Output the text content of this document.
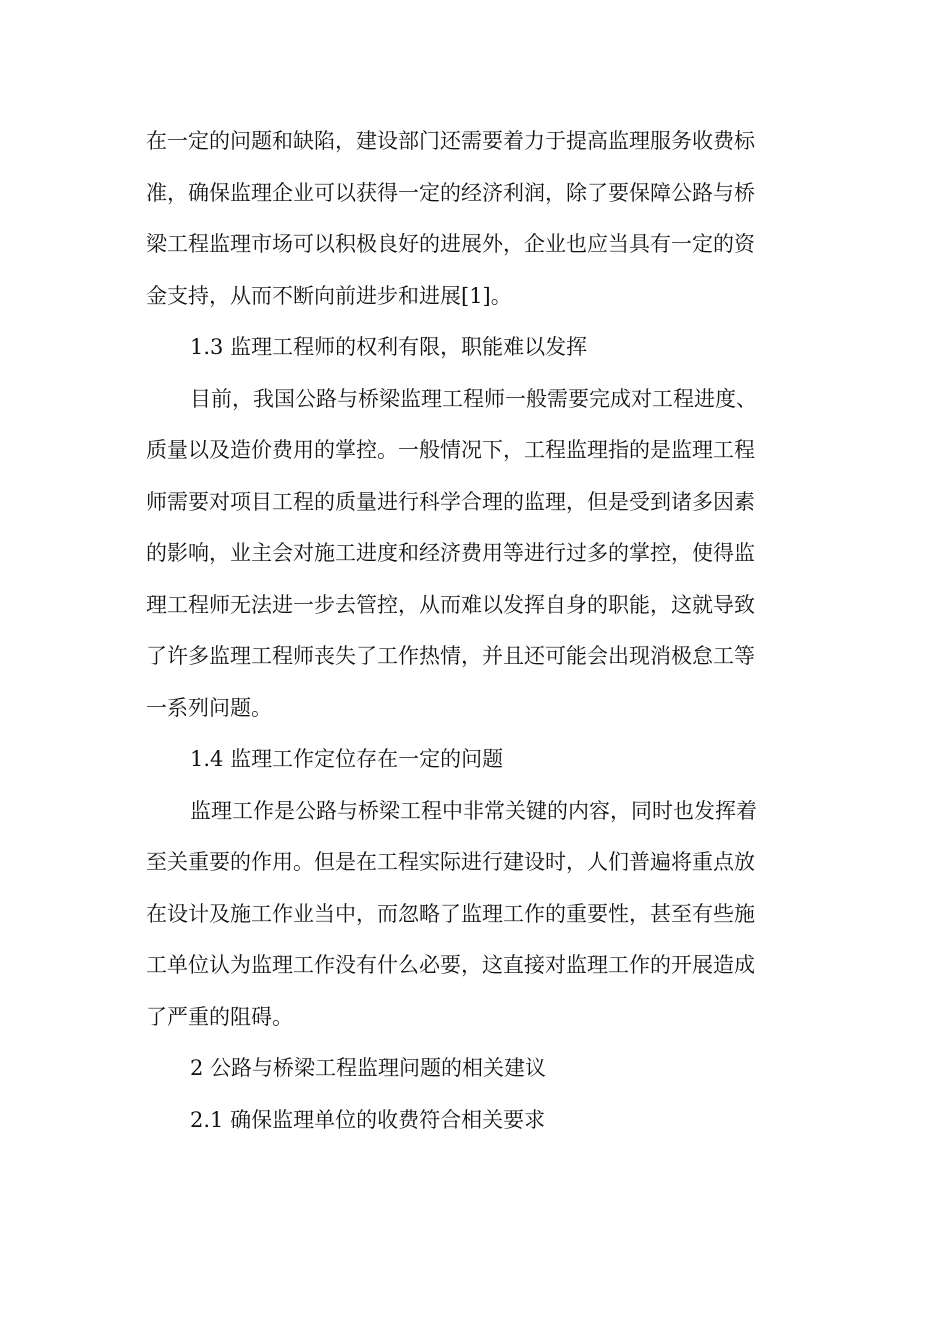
在一定的问题和缺陷，建设部门还需要着力于提高监理服务收费标
准，确保监理企业可以获得一定的经济利润，除了要保障公路与桥
梁工程监理市场可以积极良好的进展外，企业也应当具有一定的资
金支持，从而不断向前进步和进展[1]。
1.3 监理工程师的权利有限，职能难以发挥
目前，我国公路与桥梁监理工程师一般需要完成对工程进度、
质量以及造价费用的掌控。一般情况下，工程监理指的是监理工程
师需要对项目工程的质量进行科学合理的监理，但是受到诸多因素
的影响，业主会对施工进度和经济费用等进行过多的掌控，使得监
理工程师无法进一步去管控，从而难以发挥自身的职能，这就导致
了许多监理工程师丧失了工作热情，并且还可能会出现消极怠工等
一系列问题。
1.4 监理工作定位存在一定的问题
监理工作是公路与桥梁工程中非常关键的内容，同时也发挥着
至关重要的作用。但是在工程实际进行建设时，人们普遍将重点放
在设计及施工作业当中，而忽略了监理工作的重要性，甚至有些施
工单位认为监理工作没有什么必要，这直接对监理工作的开展造成
了严重的阻碍。
2 公路与桥梁工程监理问题的相关建议
2.1 确保监理单位的收费符合相关要求
